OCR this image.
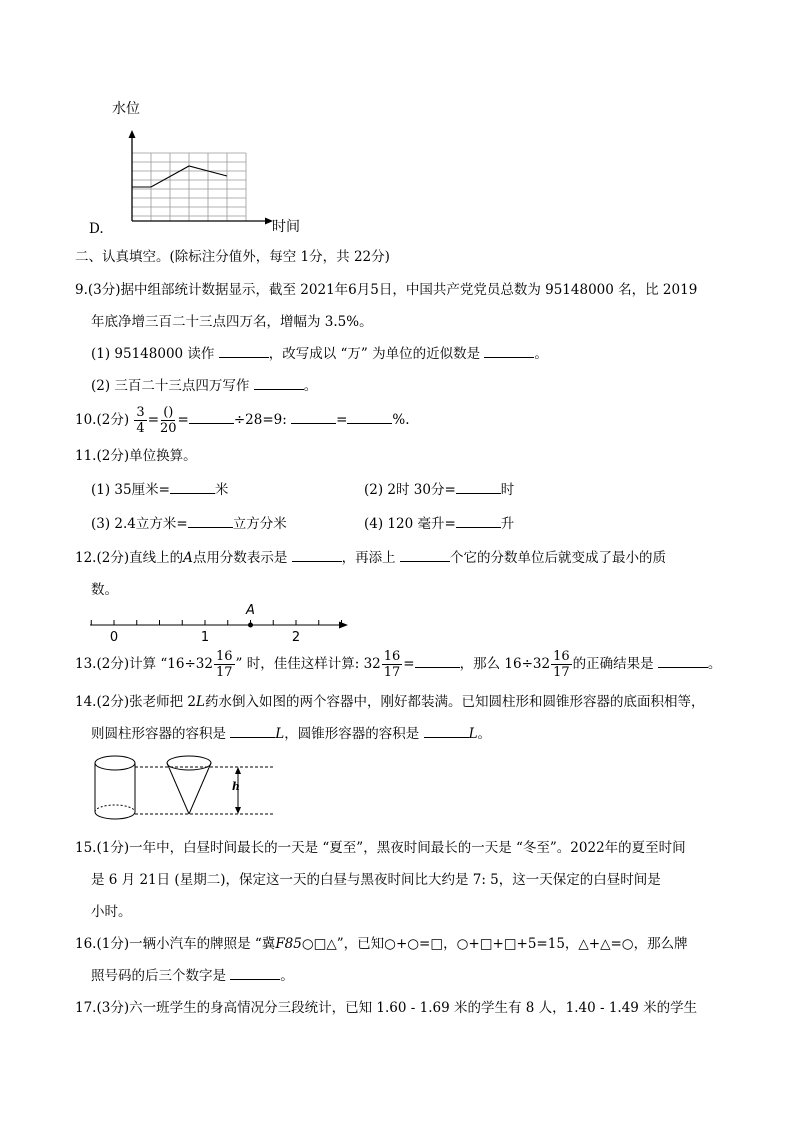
水位
时间
D.
二、认真填空。(除标注分值外，每空 1分，共 22分)
9.(3分)据中组部统计数据显示，截至 2021年6月5日，中国共产党党员总数为 95148000 名，比 2019
年底净增三百二十三点四万名，增幅为 3.5%。
(1) 95148000 读作	，改写成以 “万” 为单位的近似数是	。
(2) 三百二十三点四万写作	。
10.(2分) $\frac{3}{4} = \frac{()}{20}$ =	÷28=9:	=	%.
11.(2分)单位换算。
(1) 35厘米=	米	(2) 2时 30分=	时
(3) 2.4立方米=	立方分米	(4) 120 毫升=	升
12.(2分)直线上的A点用分数表示是	，再添上	个它的分数单位后就变成了最小的质
数。
0	1	2
A
13.(2分)计算 “$16\div 32 \frac{16}{17}$ ” 时，佳佳这样计算: $32 \frac{16}{17}$ =	，那么 $16\div 32 \frac{16}{17}$ 的正确结果是	。
14.(2分)张老师把 2L药水倒入如图的两个容器中，刚好都装满。已知圆柱形和圆锥形容器的底面积相等，
则圆柱形容器的容积是	L，圆锥形容器的容积是	L。
h
15.(1分)一年中，白昼时间最长的一天是 “夏至”，黑夜时间最长的一天是 “冬至”。2022年的夏至时间
是 6 月 21日 (星期二)，保定这一天的白昼与黑夜时间比大约是 7: 5，这一天保定的白昼时间是
小时。
16.(1分)一辆小汽车的牌照是 “冀F85○□△”，已知○+○=□，○+□+□+5=15，△+△=○，那么牌
照号码的后三个数字是	。
17.(3分)六一班学生的身高情况分三段统计，已知 1.60 - 1.69 米的学生有 8 人，1.40 - 1.49 米的学生
